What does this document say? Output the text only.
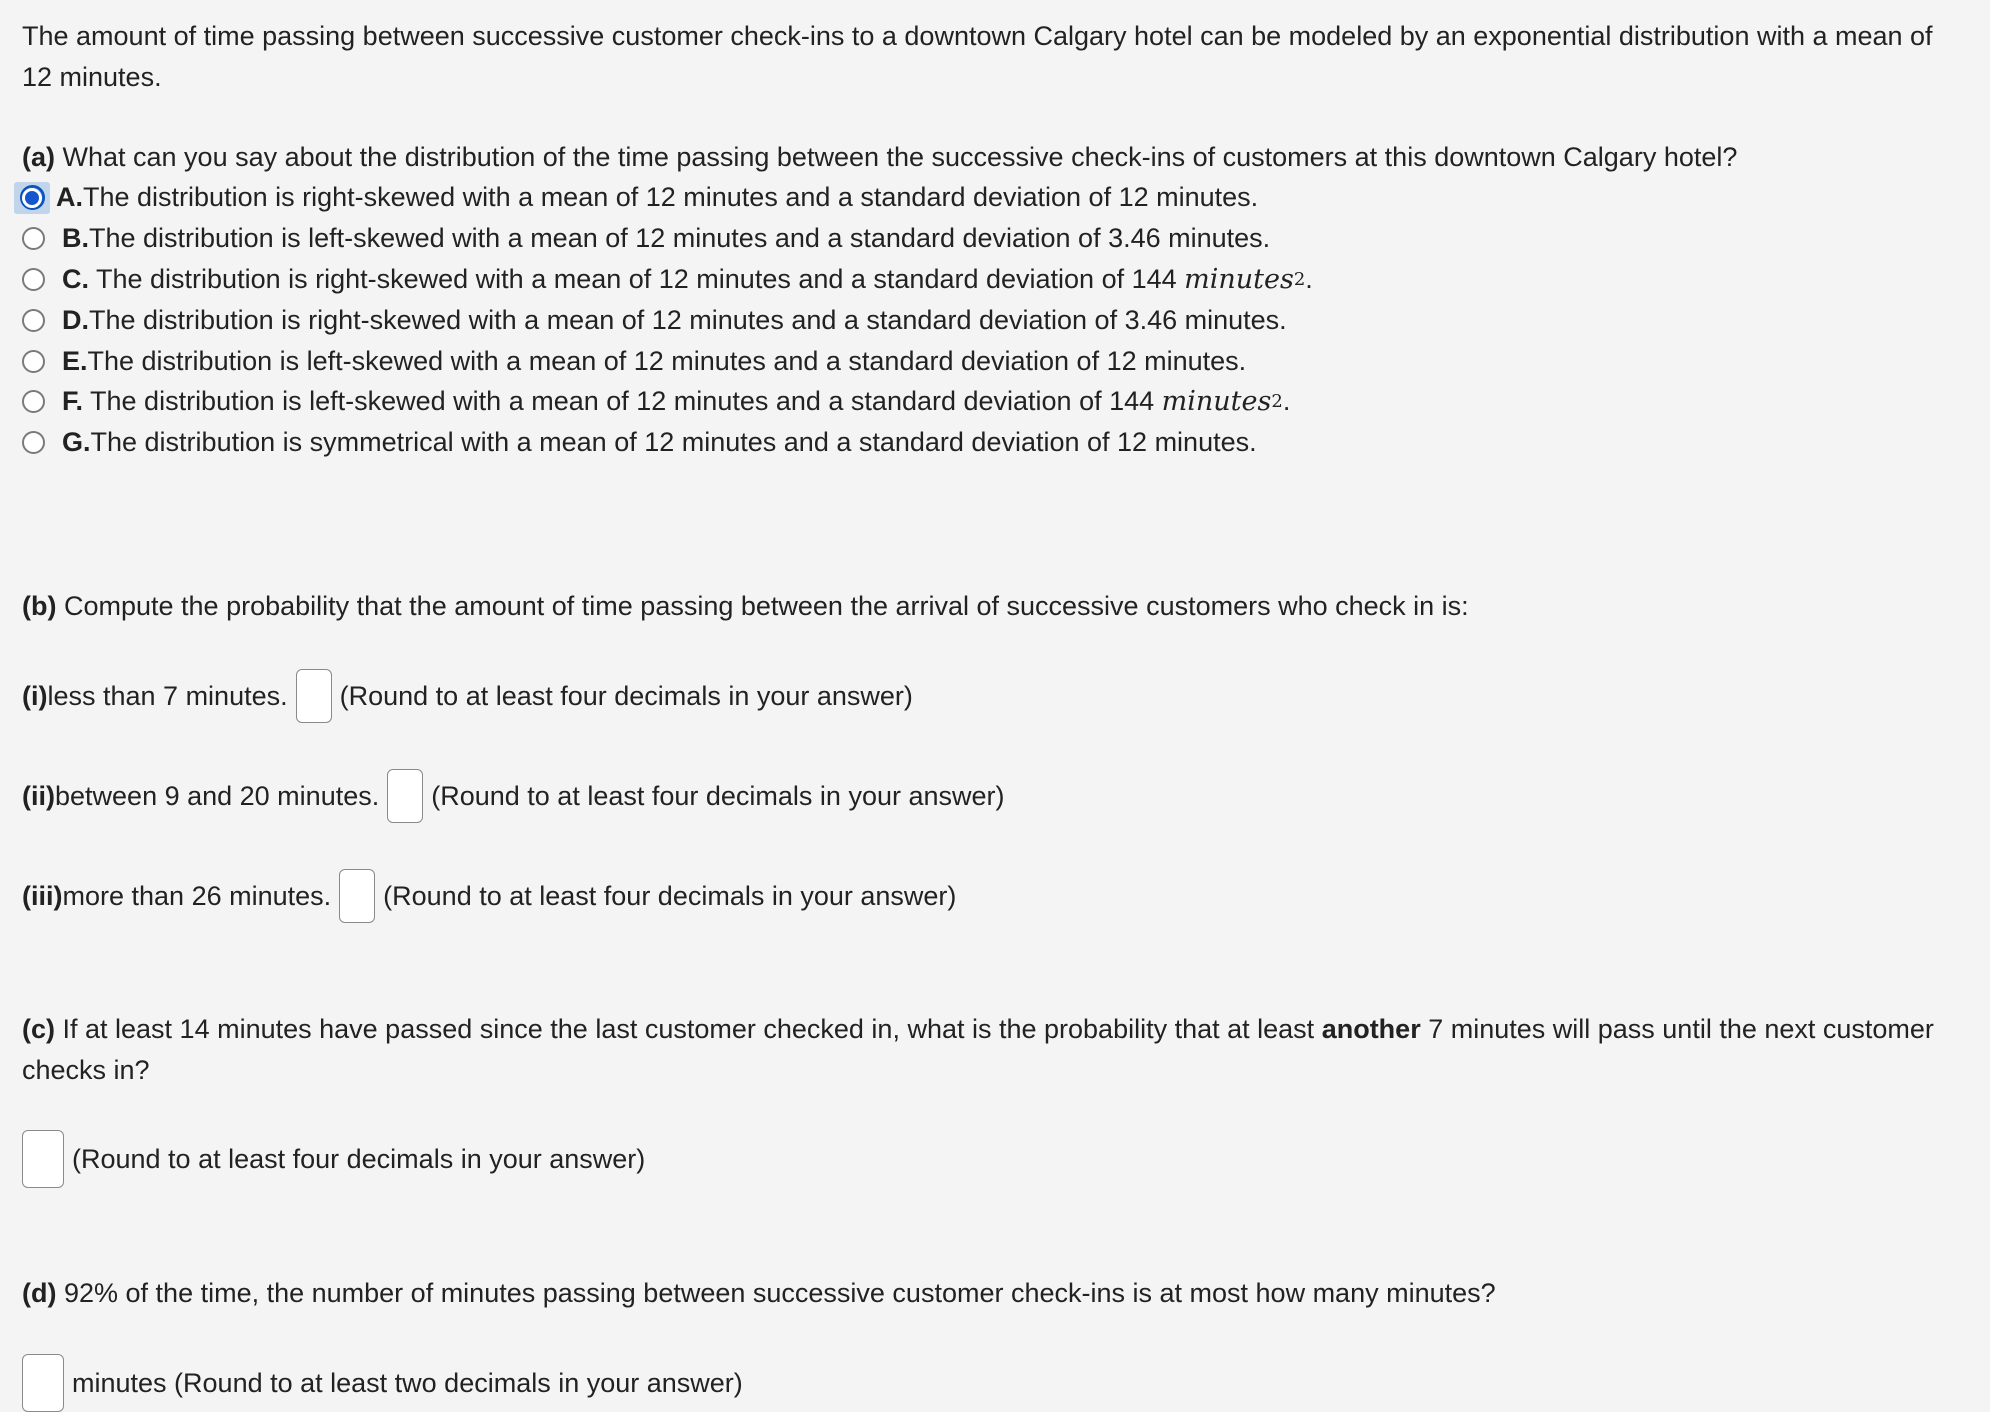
The amount of time passing between successive customer check-ins to a downtown Calgary hotel can be modeled by an exponential distribution with a mean of 12 minutes.
(a) What can you say about the distribution of the time passing between the successive check-ins of customers at this downtown Calgary hotel?
A. The distribution is right-skewed with a mean of 12 minutes and a standard deviation of 12 minutes.
B. The distribution is left-skewed with a mean of 12 minutes and a standard deviation of 3.46 minutes.
C. The distribution is right-skewed with a mean of 12 minutes and a standard deviation of 144 minutes 2 .
D. The distribution is right-skewed with a mean of 12 minutes and a standard deviation of 3.46 minutes.
E. The distribution is left-skewed with a mean of 12 minutes and a standard deviation of 12 minutes.
F. The distribution is left-skewed with a mean of 12 minutes and a standard deviation of 144 minutes 2 .
G. The distribution is symmetrical with a mean of 12 minutes and a standard deviation of 12 minutes.
(b) Compute the probability that the amount of time passing between the arrival of successive customers who check in is:
(i) less than 7 minutes. (Round to at least four decimals in your answer)
(ii) between 9 and 20 minutes. (Round to at least four decimals in your answer)
(iii) more than 26 minutes. (Round to at least four decimals in your answer)
(c) If at least 14 minutes have passed since the last customer checked in, what is the probability that at least another 7 minutes will pass until the next customer checks in?
(Round to at least four decimals in your answer)
(d) 92% of the time, the number of minutes passing between successive customer check-ins is at most how many minutes?
minutes (Round to at least two decimals in your answer)
